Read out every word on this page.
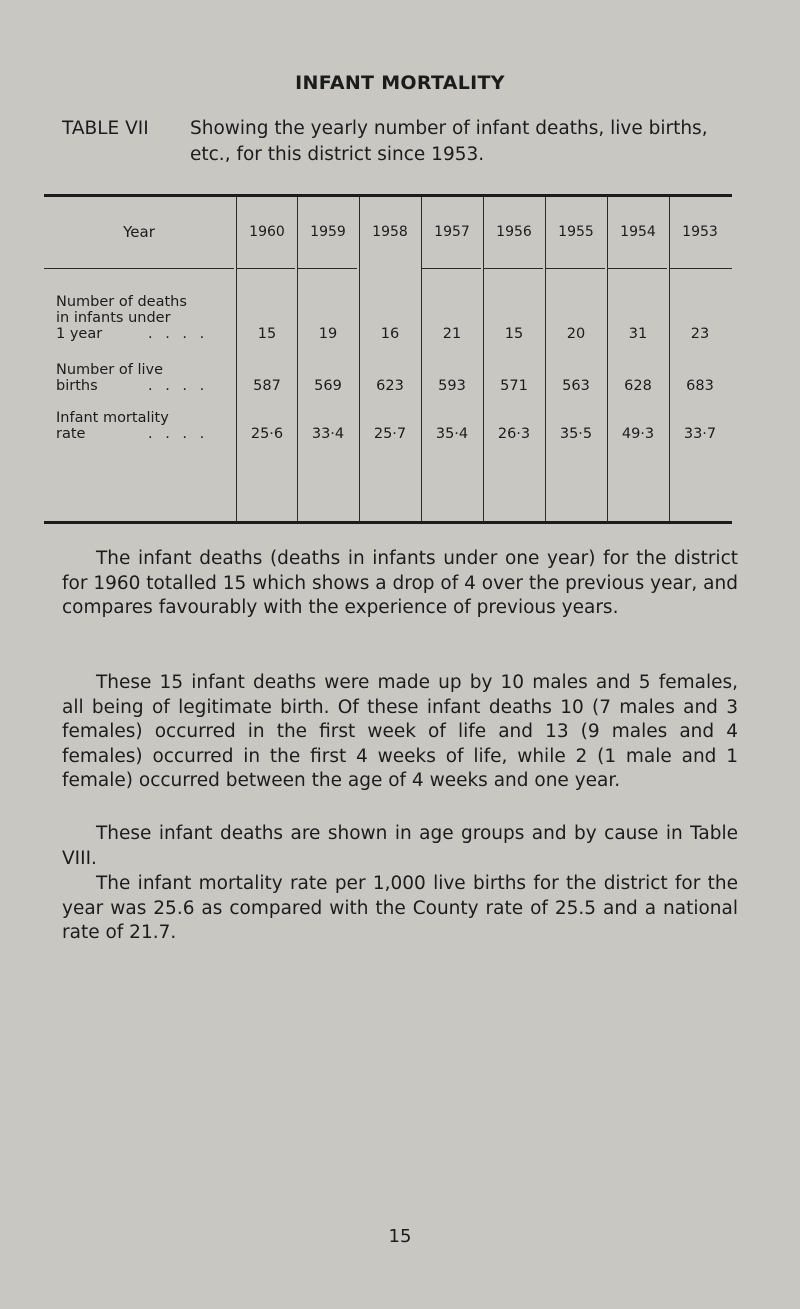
INFANT MORTALITY
TABLE VII Showing the yearly number of infant deaths, live births, etc., for this district since 1953.
Year	1960	1959	1958	1957	1956	1955	1954	1953
Number of deaths
in infants under
1 year	. . . .	15	19	16	21	15	20	31	23
Number of live
births	. . . .	587	569	623	593	571	563	628	683
Infant mortality
rate	. . . .	25·6	33·4	25·7	35·4	26·3	35·5	49·3	33·7
The infant deaths (deaths in infants under one year) for the district for 1960 totalled 15 which shows a drop of 4 over the previous year, and compares favourably with the experience of previous years.
These 15 infant deaths were made up by 10 males and 5 females, all being of legitimate birth. Of these infant deaths 10 (7 males and 3 females) occurred in the first week of life and 13 (9 males and 4 females) occurred in the first 4 weeks of life, while 2 (1 male and 1 female) occurred between the age of 4 weeks and one year.
These infant deaths are shown in age groups and by cause in Table VIII.
The infant mortality rate per 1,000 live births for the district for the year was 25.6 as compared with the County rate of 25.5 and a national rate of 21.7.
15
